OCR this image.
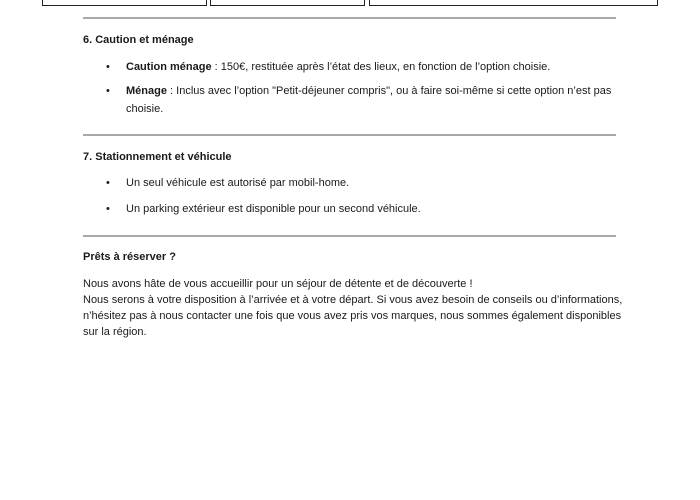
6. Caution et ménage
• Caution ménage : 150€, restituée après l’état des lieux, en fonction de l’option choisie.
• Ménage : Inclus avec l’option "Petit-déjeuner compris", ou à faire soi-même si cette option n’est pas choisie.
7. Stationnement et véhicule
• Un seul véhicule est autorisé par mobil-home.
• Un parking extérieur est disponible pour un second véhicule.
Prêts à réserver ?
Nous avons hâte de vous accueillir pour un séjour de détente et de découverte !
Nous serons à votre disposition à l’arrivée et à votre départ. Si vous avez besoin de conseils ou d’informations, n’hésitez pas à nous contacter une fois que vous avez pris vos marques, nous sommes également disponibles sur la région.
